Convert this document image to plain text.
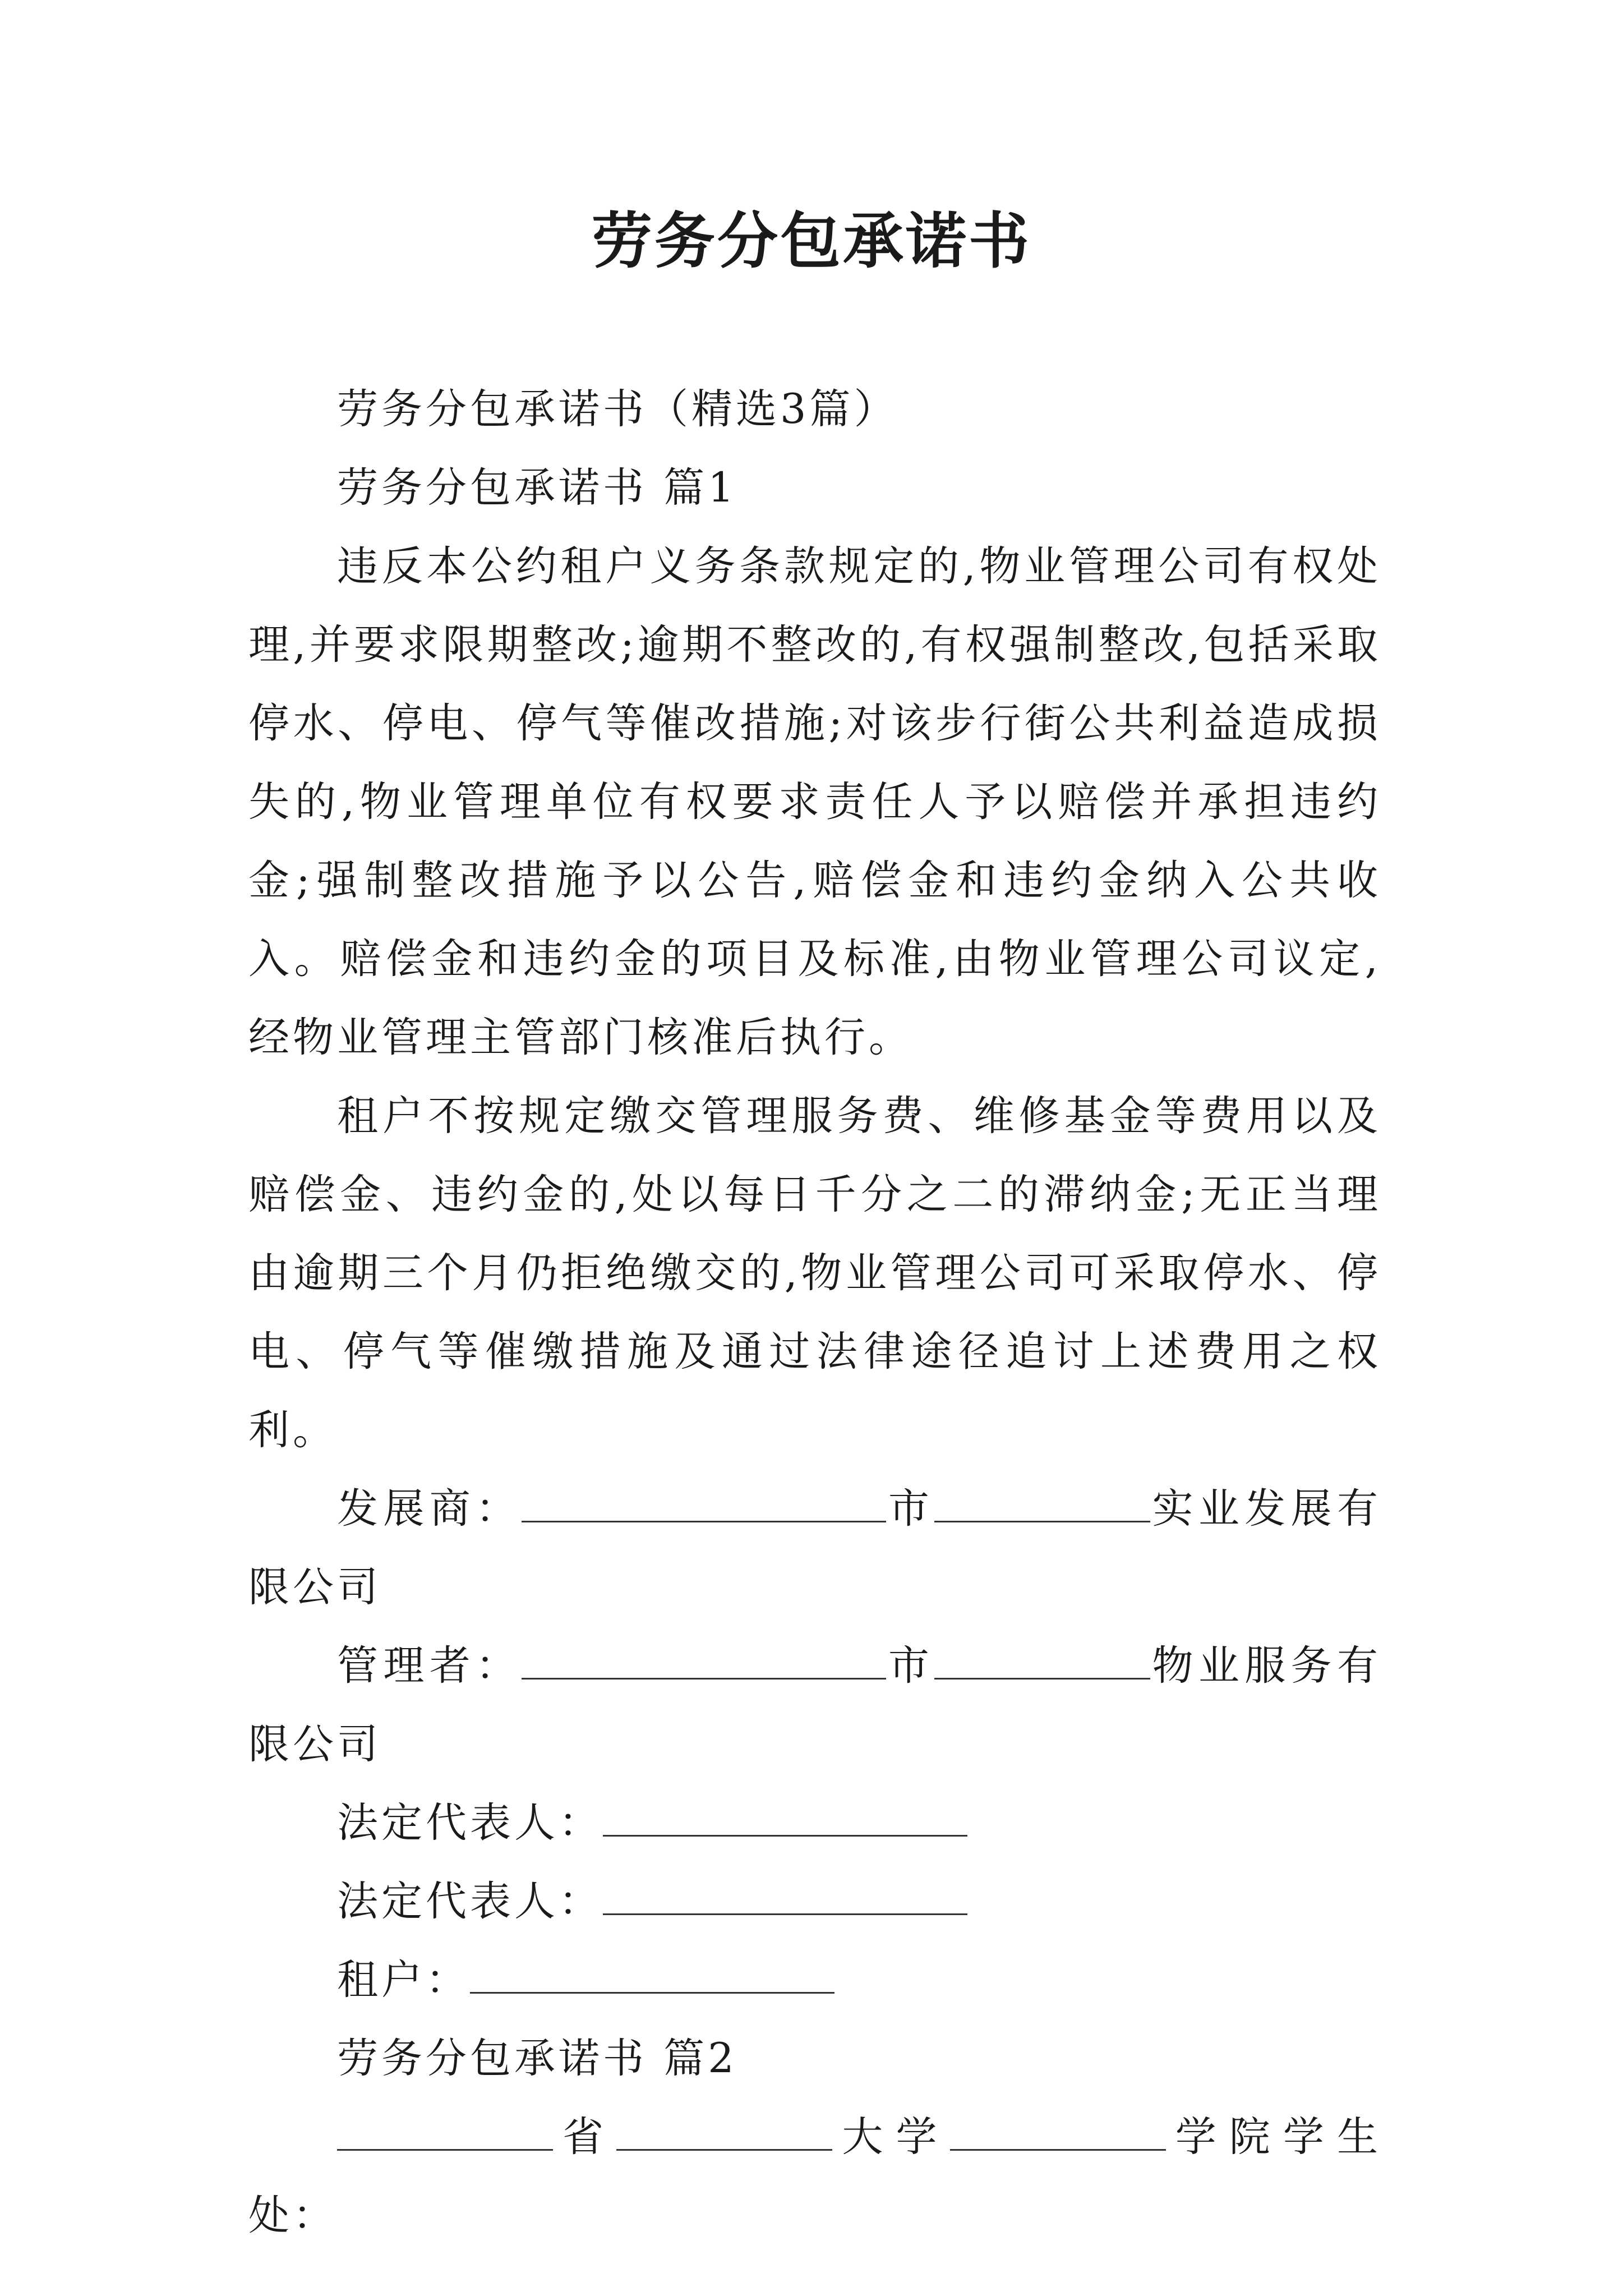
劳务分包承诺书

劳务分包承诺书（精选3篇）

劳务分包承诺书 篇1

违反本公约租户义务条款规定的,物业管理公司有权处理,并要求限期整改;逾期不整改的,有权强制整改,包括采取停水、停电、停气等催改措施;对该步行街公共利益造成损失的,物业管理单位有权要求责任人予以赔偿并承担违约金;强制整改措施予以公告,赔偿金和违约金纳入公共收入。赔偿金和违约金的项目及标准,由物业管理公司议定,经物业管理主管部门核准后执行。

租户不按规定缴交管理服务费、维修基金等费用以及赔偿金、违约金的,处以每日千分之二的滞纳金;无正当理由逾期三个月仍拒绝缴交的,物业管理公司可采取停水、停电、停气等催缴措施及通过法律途径追讨上述费用之权利。

发展商：	市	实业发展有限公司

管理者：	市	物业服务有限公司

法定代表人：

法定代表人：

租户：

劳务分包承诺书 篇2

省	大学	学院学生处：
